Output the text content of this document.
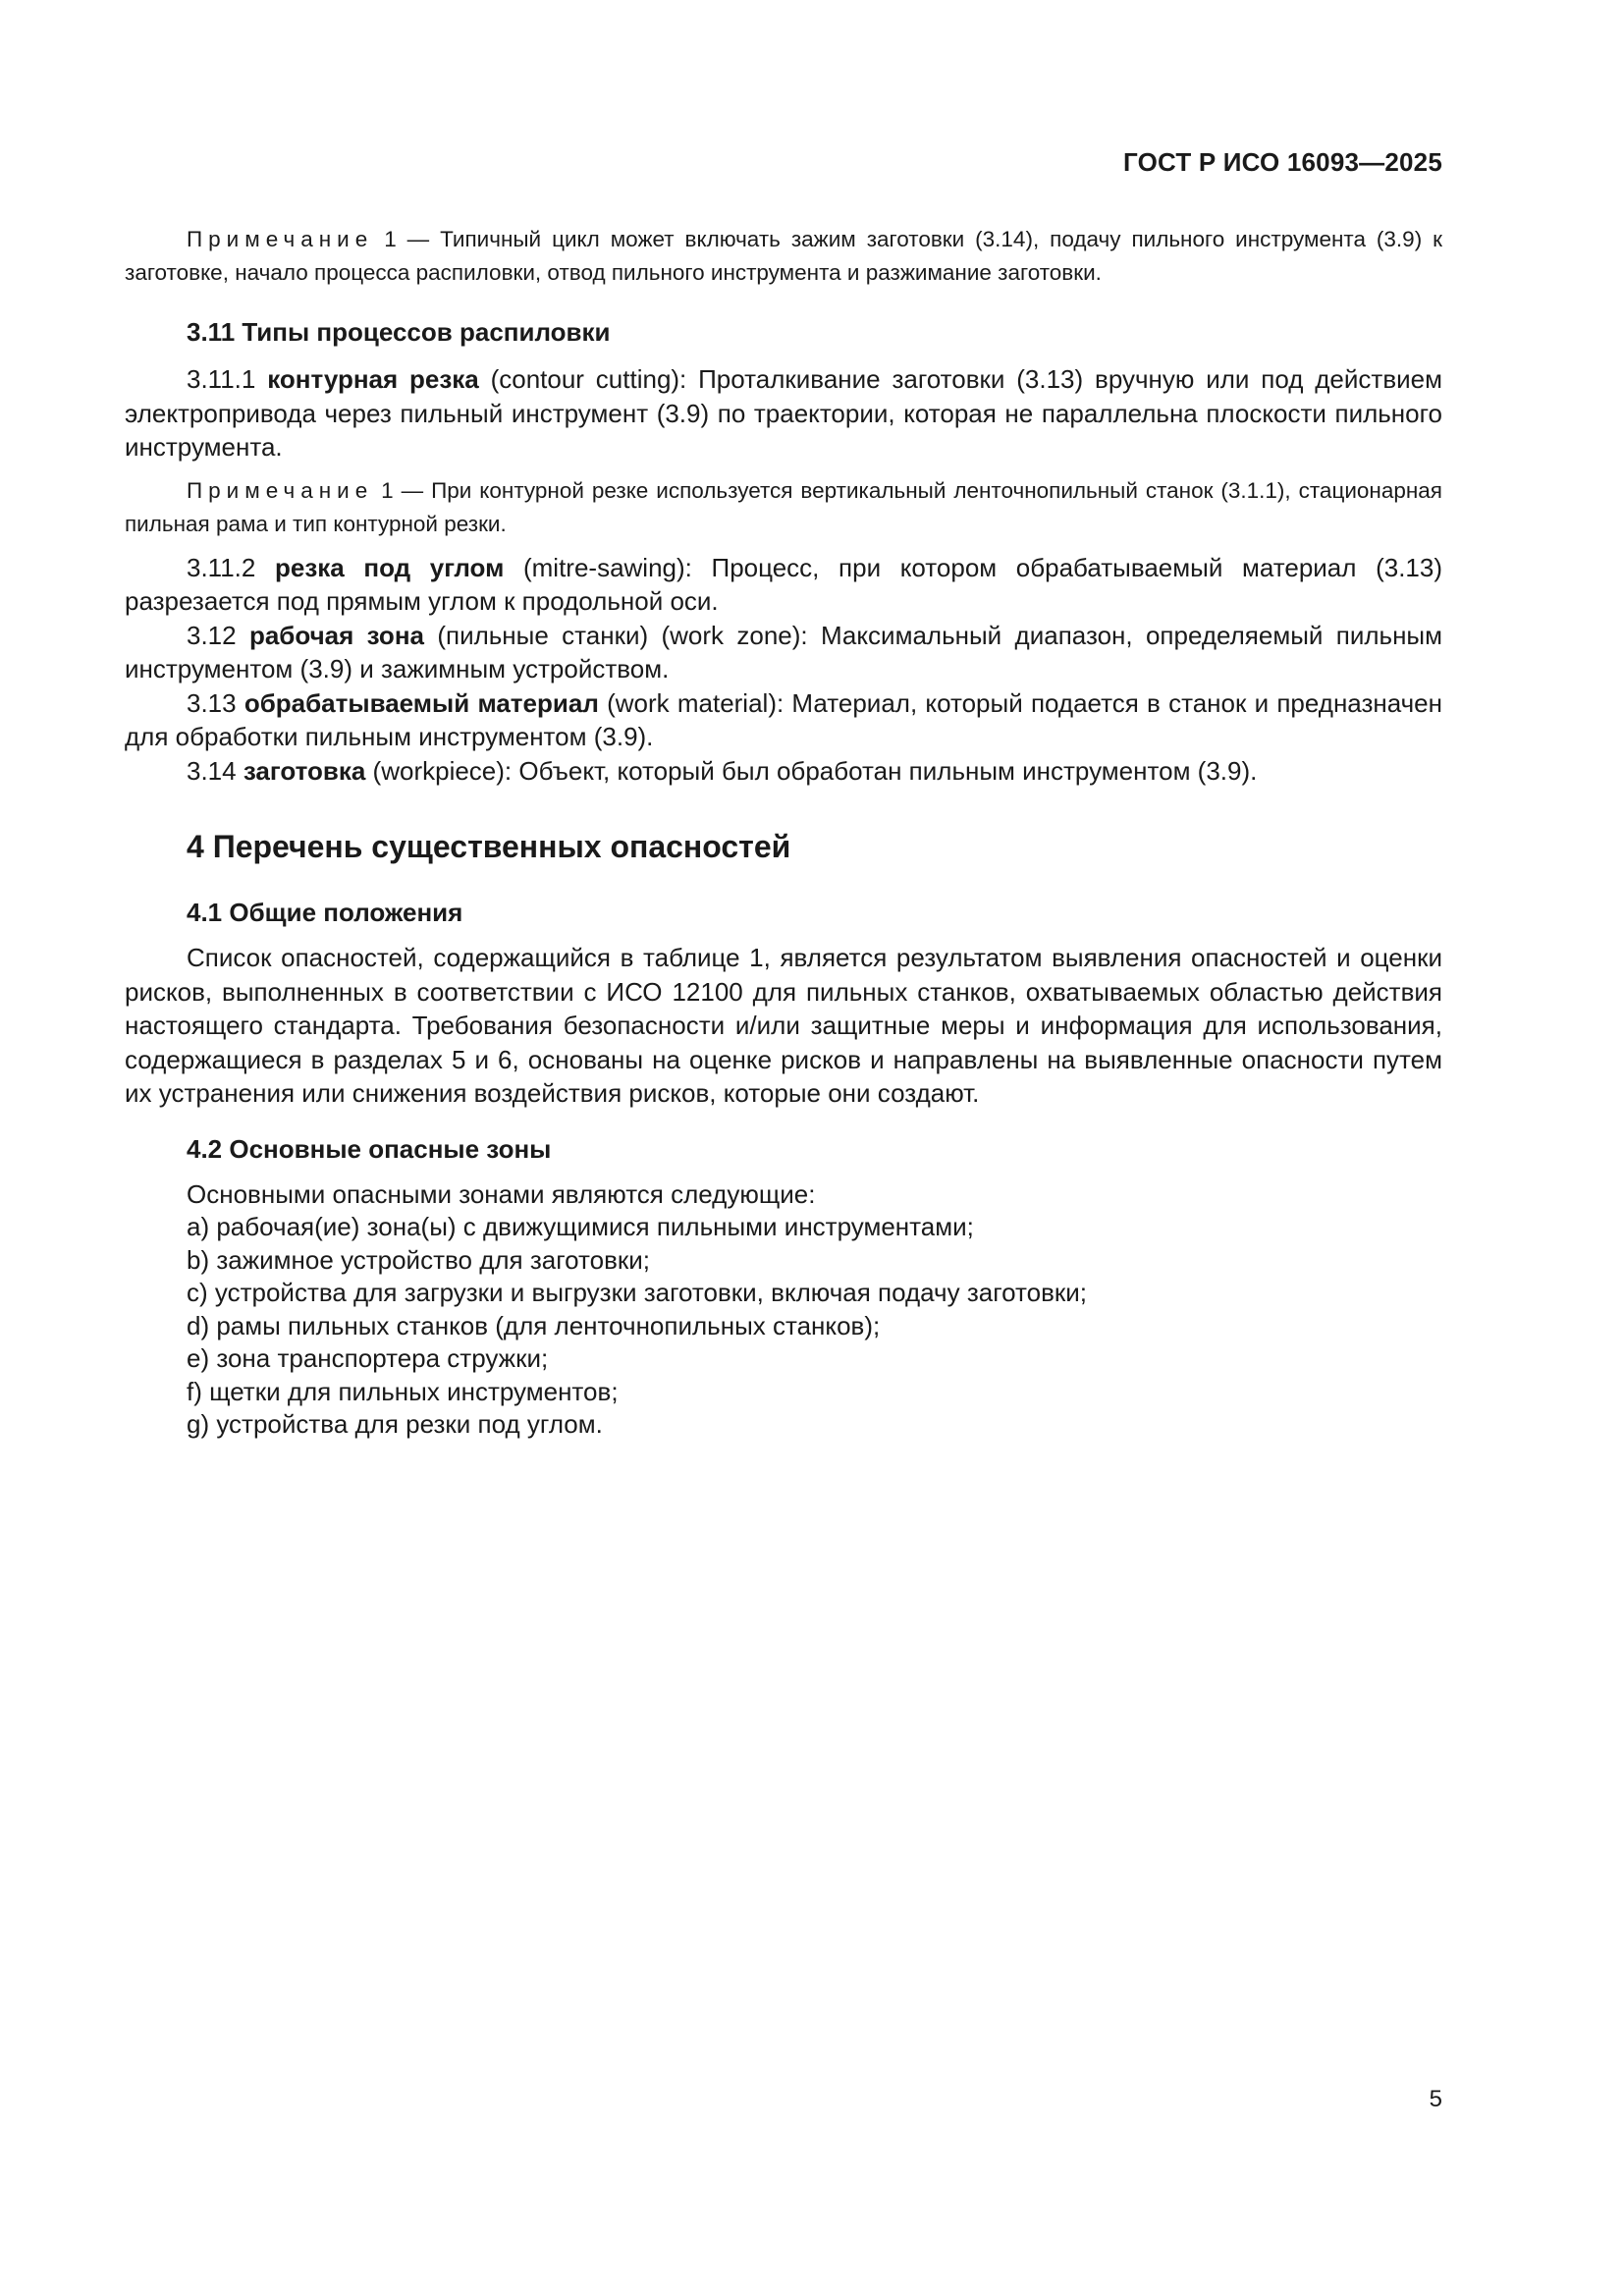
ГОСТ Р ИСО 16093—2025

Примечание 1 — Типичный цикл может включать зажим заготовки (3.14), подачу пильного инструмента (3.9) к заготовке, начало процесса распиловки, отвод пильного инструмента и разжимание заготовки.

3.11 Типы процессов распиловки

3.11.1 контурная резка (contour cutting): Проталкивание заготовки (3.13) вручную или под действием электропривода через пильный инструмент (3.9) по траектории, которая не параллельна плоскости пильного инструмента.

Примечание 1 — При контурной резке используется вертикальный ленточнопильный станок (3.1.1), стационарная пильная рама и тип контурной резки.

3.11.2 резка под углом (mitre-sawing): Процесс, при котором обрабатываемый материал (3.13) разрезается под прямым углом к продольной оси.

3.12 рабочая зона (пильные станки) (work zone): Максимальный диапазон, определяемый пильным инструментом (3.9) и зажимным устройством.

3.13 обрабатываемый материал (work material): Материал, который подается в станок и предназначен для обработки пильным инструментом (3.9).

3.14 заготовка (workpiece): Объект, который был обработан пильным инструментом (3.9).

4 Перечень существенных опасностей

4.1 Общие положения

Список опасностей, содержащийся в таблице 1, является результатом выявления опасностей и оценки рисков, выполненных в соответствии с ИСО 12100 для пильных станков, охватываемых областью действия настоящего стандарта. Требования безопасности и/или защитные меры и информация для использования, содержащиеся в разделах 5 и 6, основаны на оценке рисков и направлены на выявленные опасности путем их устранения или снижения воздействия рисков, которые они создают.

4.2 Основные опасные зоны

Основными опасными зонами являются следующие:

a) рабочая(ие) зона(ы) с движущимися пильными инструментами;

b) зажимное устройство для заготовки;

c) устройства для загрузки и выгрузки заготовки, включая подачу заготовки;

d) рамы пильных станков (для ленточнопильных станков);

e) зона транспортера стружки;

f) щетки для пильных инструментов;

g) устройства для резки под углом.

5
